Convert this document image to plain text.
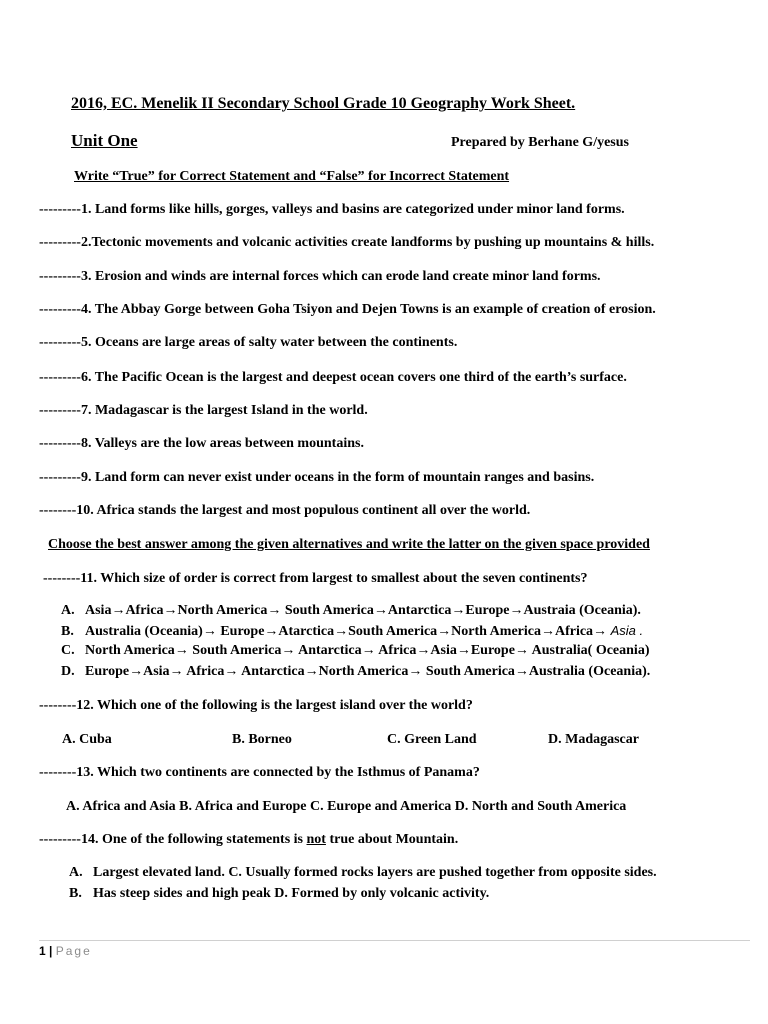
2016, EC. Menelik II Secondary School Grade 10 Geography Work Sheet.
Unit One	Prepared by Berhane G/yesus
Write “True” for Correct Statement and “False” for Incorrect Statement
---------1. Land forms like hills, gorges, valleys and basins are categorized under minor land forms.
---------2.Tectonic movements and volcanic activities create landforms by pushing up mountains & hills.
---------3. Erosion and winds are internal forces which can erode land create minor land forms.
---------4. The Abbay Gorge between Goha Tsiyon and Dejen Towns is an example of creation of erosion.
---------5. Oceans are large areas of salty water between the continents.
---------6. The Pacific Ocean is the largest and deepest ocean covers one third of the earth’s surface.
---------7. Madagascar is the largest Island in the world.
---------8. Valleys are the low areas between mountains.
---------9. Land form can never exist under oceans in the form of mountain ranges and basins.
--------10. Africa stands the largest and most populous continent all over the world.
Choose the best answer among the given alternatives and write the latter on the given space provided
--------11. Which size of order is correct from largest to smallest about the seven continents?
A. Asia→Africa→North America→ South America→Antarctica→Europe→Austraia (Oceania).
B. Australia (Oceania)→ Europe→Atarctica→South America→North America→Africa→ Asia .
C. North America→ South America→ Antarctica→ Africa→Asia→Europe→ Australia( Oceania)
D. Europe→Asia→ Africa→ Antarctica→North America→ South America→Australia (Oceania).
--------12. Which one of the following is the largest island over the world?
A. Cuba	B. Borneo	C. Green Land	D. Madagascar
--------13. Which two continents are connected by the Isthmus of Panama?
A. Africa and Asia B. Africa and Europe C. Europe and America D. North and South America
---------14. One of the following statements is not true about Mountain.
A. Largest elevated land. C. Usually formed rocks layers are pushed together from opposite sides.
B. Has steep sides and high peak D. Formed by only volcanic activity.
1 | Page
